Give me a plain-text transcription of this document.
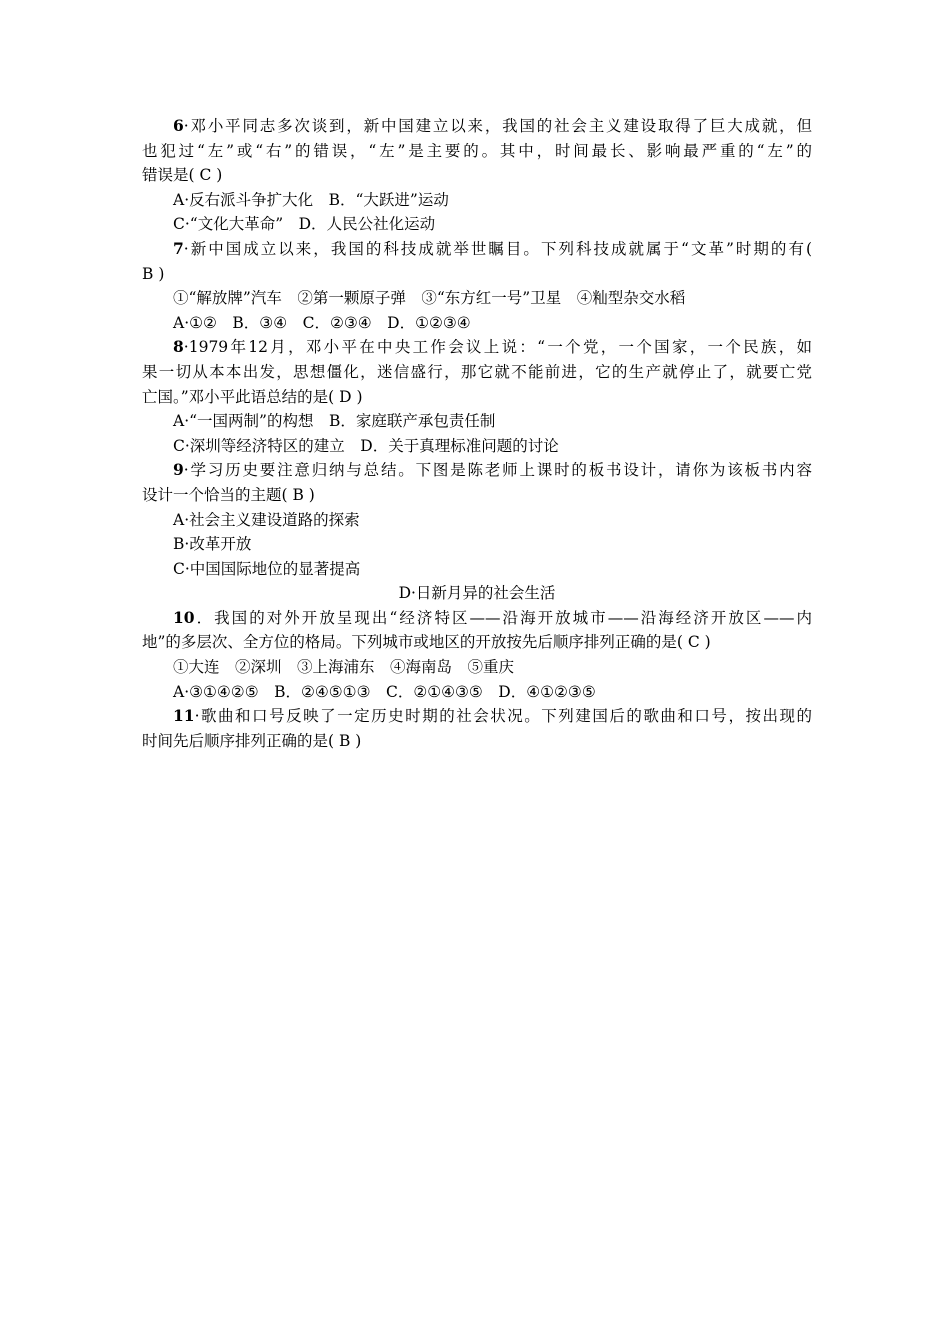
6·邓小平同志多次谈到，新中国建立以来，我国的社会主义建设取得了巨大成就，但
也犯过“左”或“右”的错误，“左”是主要的。其中，时间最长、影响最严重的“左”的
错误是( C )
A·反右派斗争扩大化　B．“大跃进”运动
C·“文化大革命”　D．人民公社化运动
7·新中国成立以来，我国的科技成就举世瞩目。下列科技成就属于“文革”时期的有(
B )
①“解放牌”汽车　②第一颗原子弹　③“东方红一号”卫星　④籼型杂交水稻
A·①②　B．③④　C．②③④　D．①②③④
8·1979年12月，邓小平在中央工作会议上说：“一个党，一个国家，一个民族，如
果一切从本本出发，思想僵化，迷信盛行，那它就不能前进，它的生产就停止了，就要亡党
亡国。”邓小平此语总结的是( D )
A·“一国两制”的构想　B．家庭联产承包责任制
C·深圳等经济特区的建立　D．关于真理标准问题的讨论
9·学习历史要注意归纳与总结。下图是陈老师上课时的板书设计，请你为该板书内容
设计一个恰当的主题( B )
A·社会主义建设道路的探索
B·改革开放
C·中国国际地位的显著提高
D·日新月异的社会生活
10．我国的对外开放呈现出“经济特区——沿海开放城市——沿海经济开放区——内
地”的多层次、全方位的格局。下列城市或地区的开放按先后顺序排列正确的是( C )
①大连　②深圳　③上海浦东　④海南岛　⑤重庆
A·③①④②⑤　B．②④⑤①③　C．②①④③⑤　D．④①②③⑤
11·歌曲和口号反映了一定历史时期的社会状况。下列建国后的歌曲和口号，按出现的
时间先后顺序排列正确的是( B )
